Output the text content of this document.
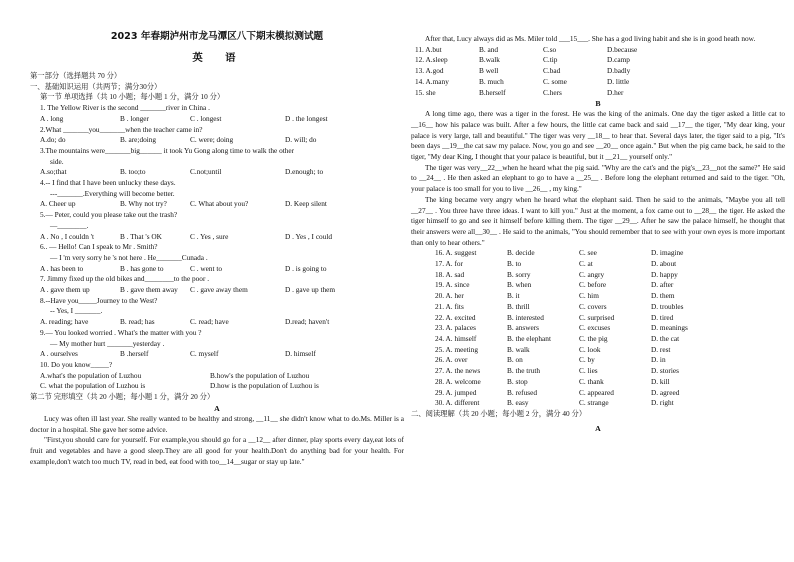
2023 年春期泸州市龙马潭区八下期末模拟测试题
英　语
第一部分（选择题共 70 分）
一、基础知识运用（共两节；满分30分）
第一节 单项选择（共 10 小题；每小题 1 分，满分 10 分）
1. The Yellow River is the second _______river in China .
A . long	B . longer	C . longest	D . the longest
2.What _______you_______when the teacher came in?
A.do; do	B. are;doing	C. were; doing	D. will; do
3.The mountains were_______big______ it took Yu Gong along time to walk the other
side.
A.so;that	B. too;to	C.not;until	D.enough; to
4.-- I find that I have been unlucky these days.
---_______.Everything will become better.
A. Cheer up	B. Why not try?	C. What about you?	D. Keep silent
5.— Peter, could you please take out the trash?
—________.
A . No , I couldn 't	B . That 's OK	C . Yes , sure	D . Yes , I could
6.. — Hello! Can I speak to Mr . Smith?
— I 'm very sorry he 's not here . He_______Cunada .
A . has been to	B . has gone to	C . went to	D . is going to
7. Jimmy fixed up the old bikes and________to the poor .
A . gave them up	B . gave them away	C . gave away them	D . gave up them
8.--Have you_____Journey to the West?
-- Yes, I _______.
A. reading; have	B. read; has	C. read; have	D.read; haven't
9.— You looked worried . What's the matter with you ?
— My mother hurt _______yesterday .
A . ourselves	B .herself	C. myself	D. himself
10. Do you know_____?
A.what's the population of Luzhou	B.how's the population of Luzhou
C. what the population of Luzhou is	D.how is the population of Luzhou is
第二节 完形填空（共 20 小题；每小题 1 分，满分 20 分）
A
Lucy was often ill last year. She really wanted to be healthy and strong, __11__ she didn't know what to do.Ms. Miller is a doctor in a hospital. She gave her some advice.
"First,you should care for yourself. For example,you should go for a __12__ after dinner, play sports every day,eat lots of fruit and vegetables and have a good sleep.They are all good for your health.Don't do anything bad for your health. For example,don't watch too much TV, read in bed, eat food with too__14__sugar or stay up late."
After that, Lucy always did as Ms. Miler told ___15___. She has a god living habit and she is in good heath now.
11. A.but	B. and	C.so	D.because
12. A.sleep	B.walk	C.tip	D.camp
13. A.god	B well	C.bad	D.badly
14. A.many	B. much	C. some	D. little
15. she	B.herself	C.hers	D.her
B
A long time ago, there was a tiger in the forest. He was the king of the animals. One day the tiger asked a little cat to __16__ how his palace was built. After a few hours, the little cat came back and said __17__ the tiger, "My dear king, your palace is very large, tall and beautiful." The tiger was very __18__ to hear that. Several days later, the tiger said to a pig, "It's been days __19__the cat saw my palace. Now, you go and see __20__ once again." But when the pig came back, he said to the tiger, "My dear King, I thought that your palace is beautiful, but it __21__ yourself only."
The tiger was very__22__when he heard what the pig said. "Why are the cat's and the pig's__23__not the same?" He said to __24__ . He then asked an elephant to go to have a __25__ . Before long the elephant returned and said to the tiger. "Oh, your palace is too small for you to live __26__ , my king."
The king became very angry when he heard what the elephant said. Then he said to the animals, "Maybe you all tell __27__ . You three have three ideas. I want to kill you." Just at the moment, a fox came out to __28__ the tiger. He asked the tiger himself to go and see it himself before killing them. The tiger __29__. After he saw the palace himself, he thought that their answers were all__30__ . He said to the animals, "You should remember that to see with your own eyes is more important than only to hear others."
16. A. suggest	B. decide	C. see	D. imagine
17. A. for	B. to	C. at	D. about
18. A. sad	B. sorry	C. angry	D. happy
19. A. since	B. when	C. before	D. after
20. A. her	B. it	C. him	D. them
21. A. fits	B. thrill	C. covers	D. troubles
22. A. excited	B. interested	C. surprised	D. tired
23. A. palaces	B. answers	C. excuses	D. meanings
24. A. himself	B. the elephant	C. the pig	D. the cat
25. A. meeting	B. walk	C. look	D. rest
26. A. over	B. on	C. by	D. in
27. A. the news	B. the truth	C. lies	D. stories
28. A. welcome	B. stop	C. thank	D. kill
29. A. jumped	B. refused	C. appeared	D. agreed
30. A. different	B. easy	C. strange	D. right
二、阅读理解（共 20 小题；每小题 2 分，满分 40 分）
A
